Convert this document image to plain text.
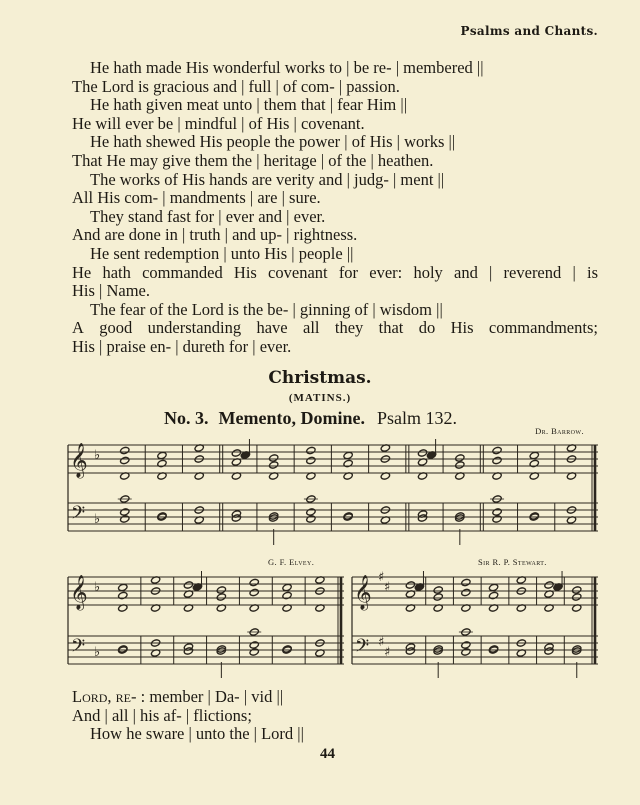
Psalms and Chants.
He hath made His wonderful works to | be re- | membered ||
The Lord is gracious and | full | of com- | passion.
He hath given meat unto | them that | fear Him ||
He will ever be | mindful | of His | covenant.
He hath shewed His people the power | of His | works ||
That He may give them the | heritage | of the | heathen.
The works of His hands are verity and | judg- | ment ||
All His com- | mandments | are | sure.
They stand fast for | ever and | ever.
And are done in | truth | and up- | rightness.
He sent redemption | unto His | people ||
He hath commanded His covenant for ever: holy and | reverend | is
His | Name.
The fear of the Lord is the be- | ginning of | wisdom ||
A good understanding have all they that do His commandments;
His | praise en- | dureth for | ever.
𝄞
𝄢
♭
♭
𝄞
𝄢
♭
♭
𝄞
𝄢
♯
♯
♯
♯
Christmas.
(MATINS.)
No. 3. Memento, Domine. Psalm 132.
Dr. Barrow.
G. F. Elvey.	Sir R. P. Stewart.
Lord, re- : member | Da- | vid ||
And | all | his af- | flictions;
How he sware | unto the | Lord ||
44
